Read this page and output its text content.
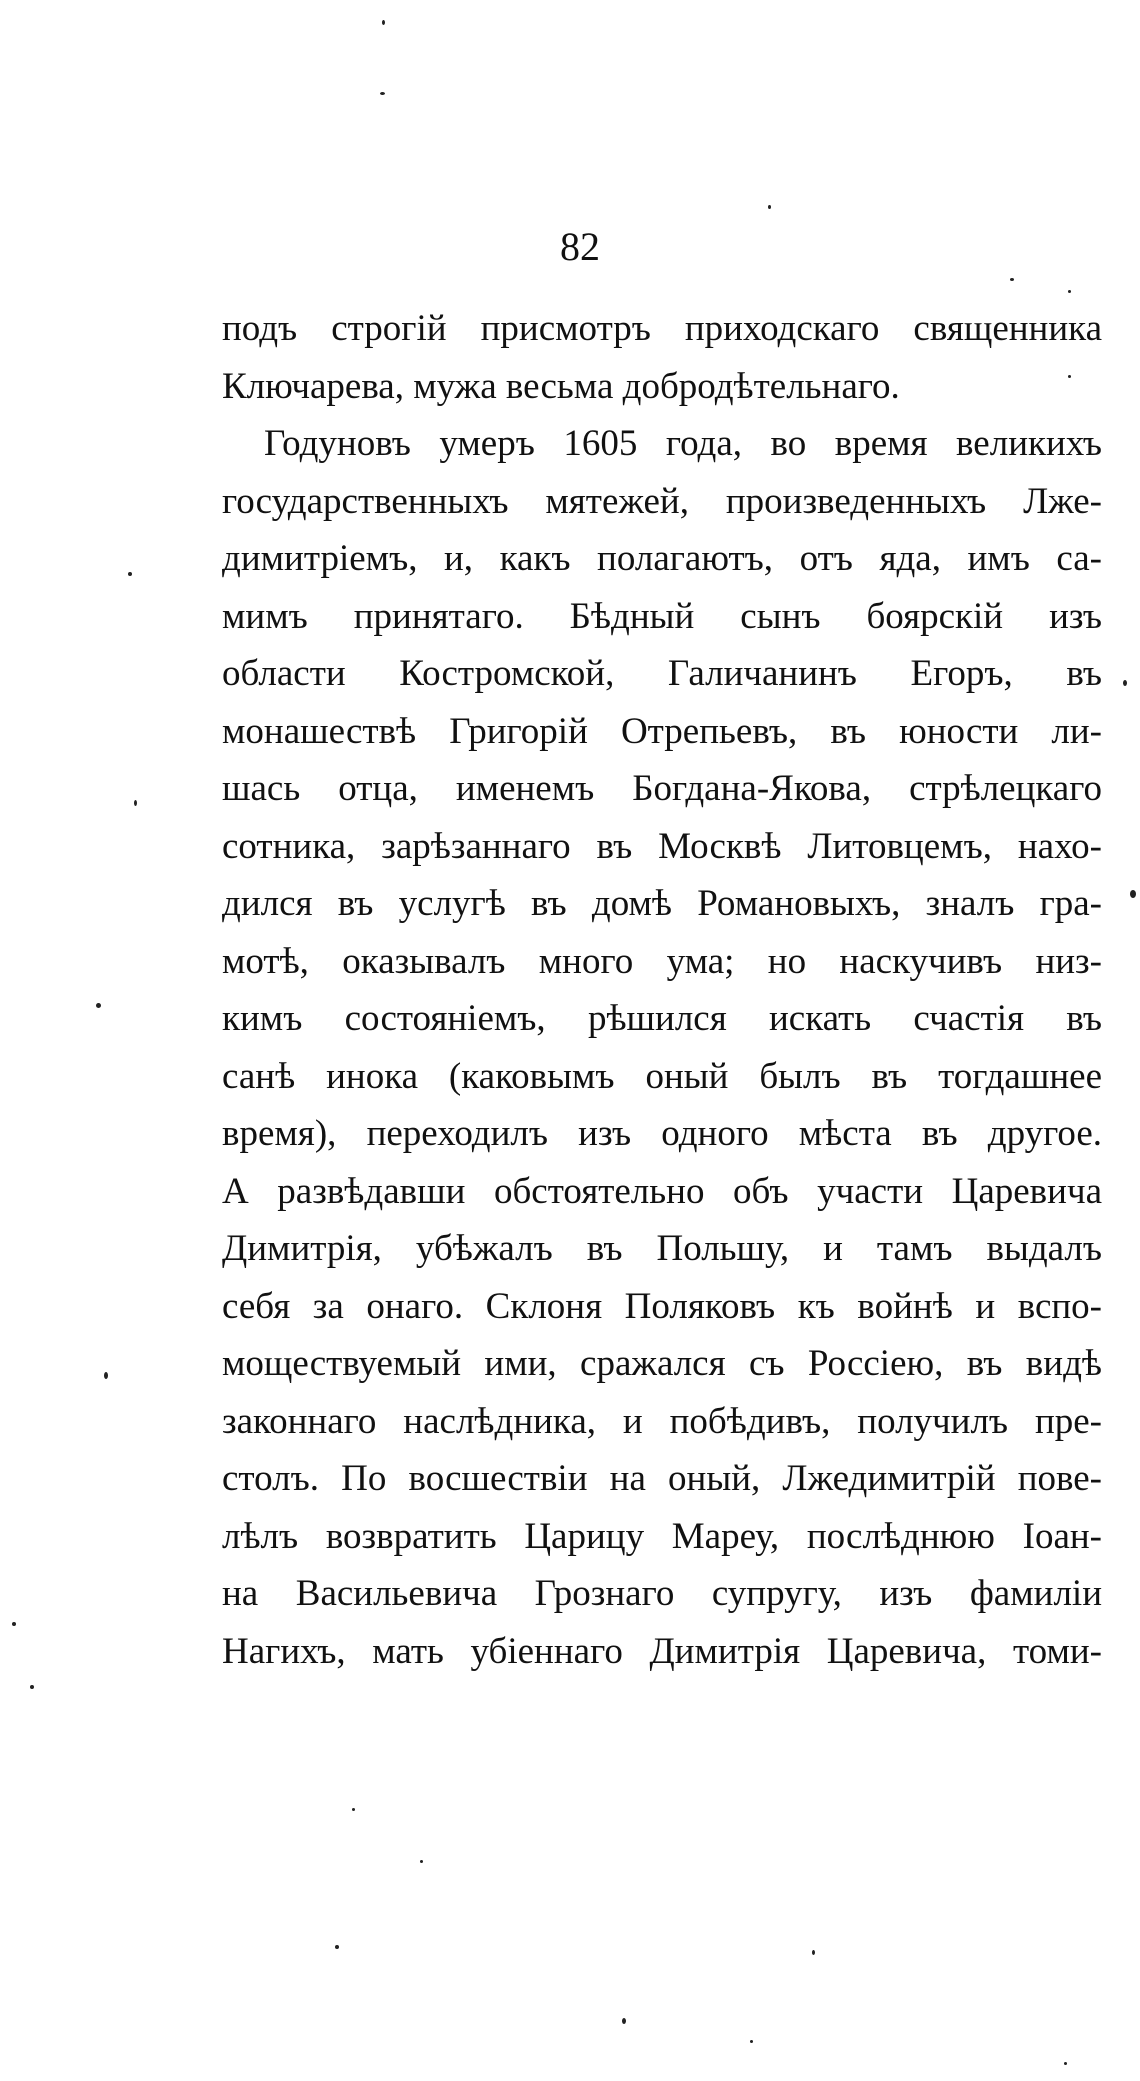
82
подъ строгій присмотръ приходскаго священника
Ключарева, мужа весьма добродѣтельнаго.
Годуновъ умеръ 1605 года, во время великихъ
государственныхъ мятежей, произведенныхъ Лже-
димитріемъ, и, какъ полагаютъ, отъ яда, имъ са-
мимъ принятаго. Бѣдный сынъ боярскій изъ
области Костромской, Галичанинъ Егоръ, въ
монашествѣ Григорій Отрепьевъ, въ юности ли-
шась отца, именемъ Богдана-Якова, стрѣлецкаго
сотника, зарѣзаннаго въ Москвѣ Литовцемъ, нахо-
дился въ услугѣ въ домѣ Романовыхъ, зналъ гра-
мотѣ, оказывалъ много ума; но наскучивъ низ-
кимъ состояніемъ, рѣшился искать счастія въ
санѣ инока (каковымъ оный былъ въ тогдашнее
время), переходилъ изъ одного мѣста въ другое.
А развѣдавши обстоятельно объ участи Царевича
Димитрія, убѣжалъ въ Польшу, и тамъ выдалъ
себя за онаго. Склоня Поляковъ къ войнѣ и вспо-
моществуемый ими, сражался съ Россіею, въ видѣ
законнаго наслѣдника, и побѣдивъ, получилъ пре-
столъ. По восшествіи на оный, Лжедимитрій пове-
лѣлъ возвратить Царицу Мареу, послѣднюю Іоан-
на Васильевича Грознаго супругу, изъ фамиліи
Нагихъ, мать убіеннаго Димитрія Царевича, томи-
